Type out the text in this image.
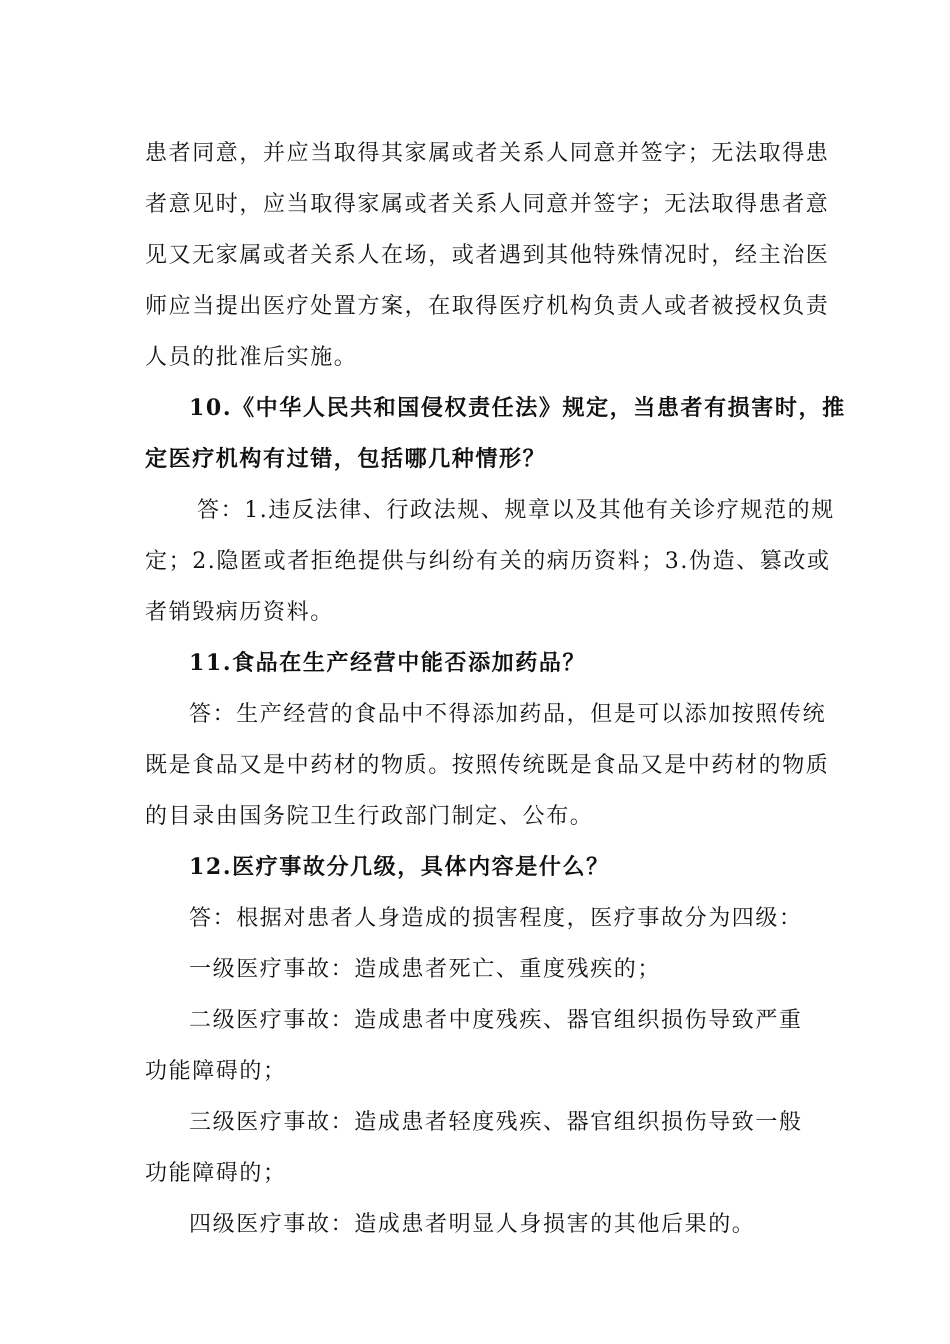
患者同意，并应当取得其家属或者关系人同意并签字；无法取得患
者意见时，应当取得家属或者关系人同意并签字；无法取得患者意
见又无家属或者关系人在场，或者遇到其他特殊情况时，经主治医
师应当提出医疗处置方案，在取得医疗机构负责人或者被授权负责
人员的批准后实施。
10.《中华人民共和国侵权责任法》规定，当患者有损害时，推
定医疗机构有过错，包括哪几种情形？
答：1.违反法律、行政法规、规章以及其他有关诊疗规范的规
定；2.隐匿或者拒绝提供与纠纷有关的病历资料；3.伪造、篡改或
者销毁病历资料。
11.食品在生产经营中能否添加药品？
答：生产经营的食品中不得添加药品，但是可以添加按照传统
既是食品又是中药材的物质。按照传统既是食品又是中药材的物质
的目录由国务院卫生行政部门制定、公布。
12.医疗事故分几级，具体内容是什么？
答：根据对患者人身造成的损害程度，医疗事故分为四级：
一级医疗事故：造成患者死亡、重度残疾的；
二级医疗事故：造成患者中度残疾、器官组织损伤导致严重
功能障碍的；
三级医疗事故：造成患者轻度残疾、器官组织损伤导致一般
功能障碍的；
四级医疗事故：造成患者明显人身损害的其他后果的。
